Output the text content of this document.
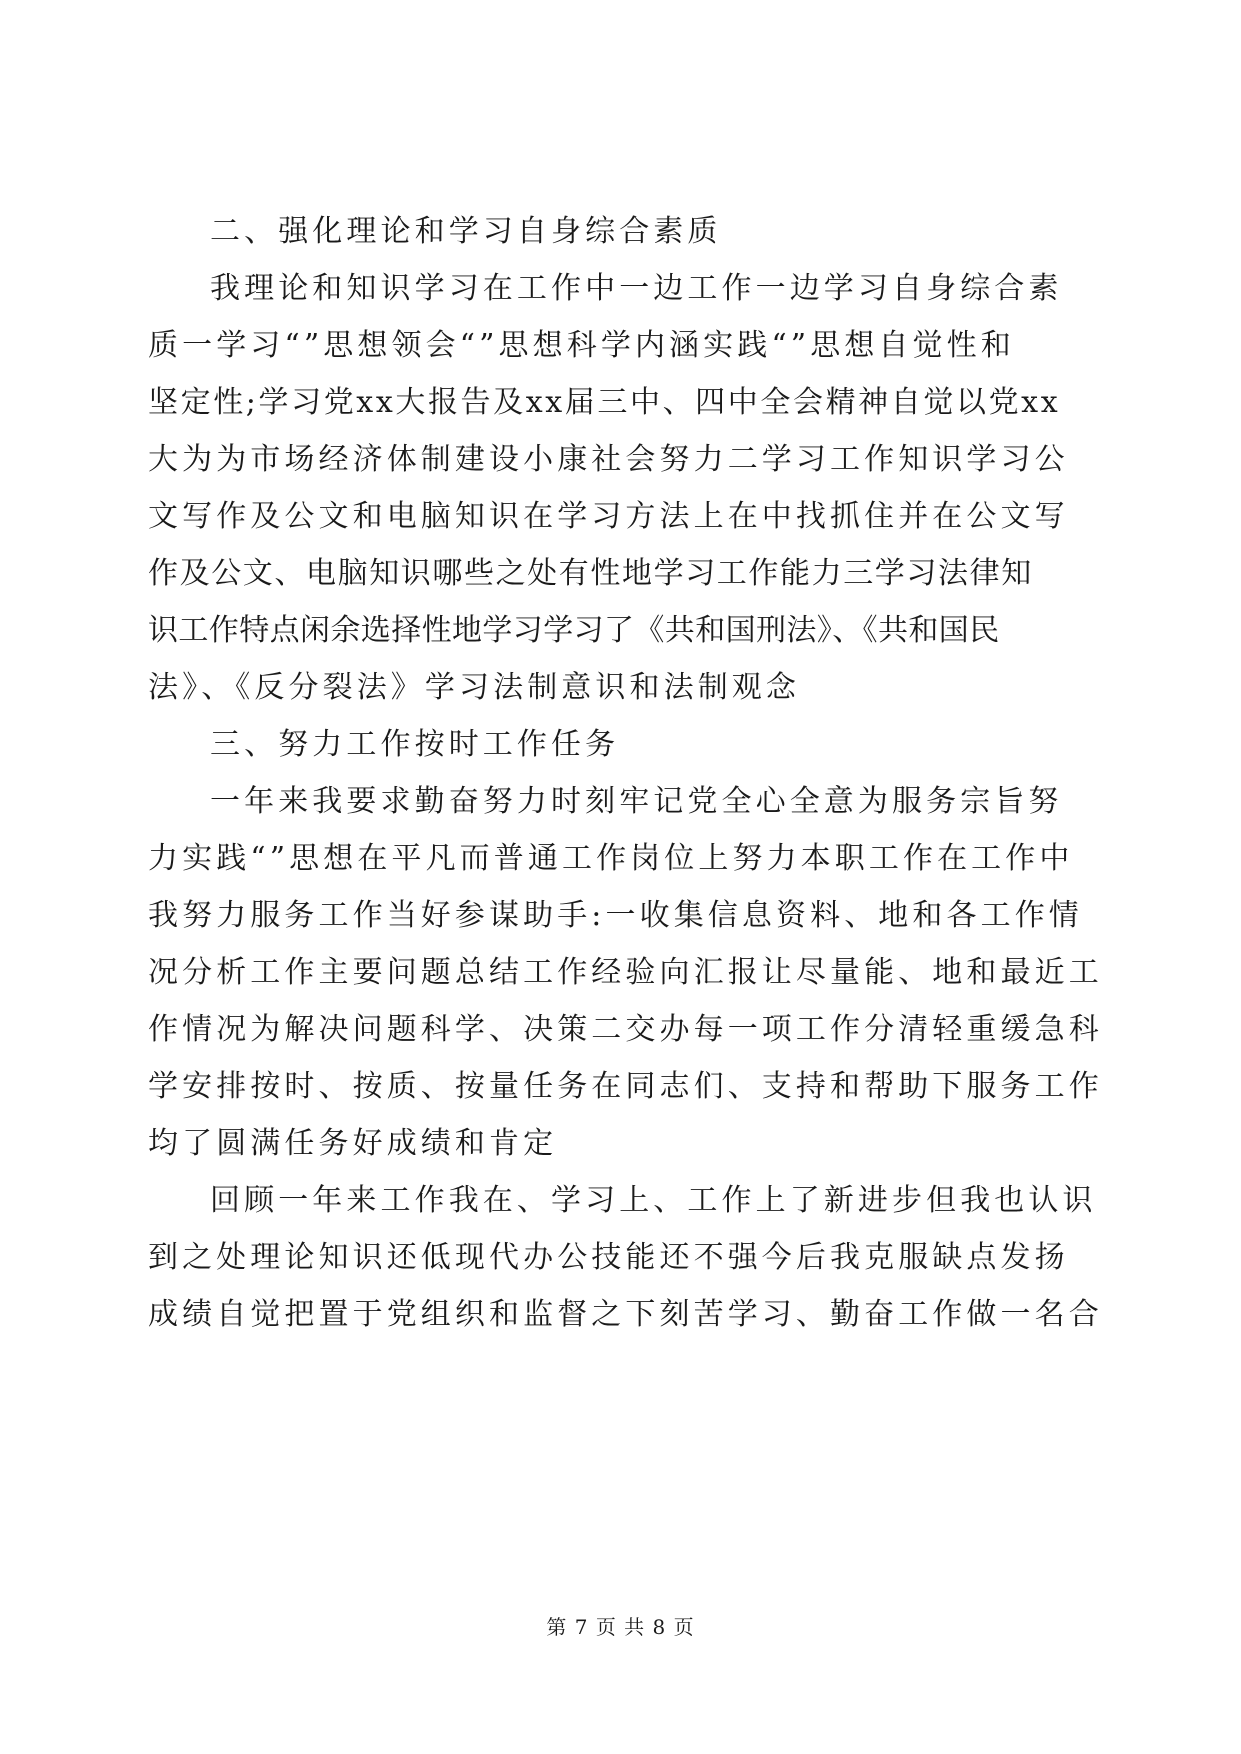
二、强化理论和学习自身综合素质
我理论和知识学习在工作中一边工作一边学习自身综合素
质一学习“”思想领会“”思想科学内涵实践“”思想自觉性和
坚定性;学习党xx大报告及xx届三中、四中全会精神自觉以党xx
大为为市场经济体制建设小康社会努力二学习工作知识学习公
文写作及公文和电脑知识在学习方法上在中找抓住并在公文写
作及公文、电脑知识哪些之处有性地学习工作能力三学习法律知
识工作特点闲余选择性地学习学习了《共和国刑法》、《共和国民
法》、《反分裂法》学习法制意识和法制观念
三、努力工作按时工作任务
一年来我要求勤奋努力时刻牢记党全心全意为服务宗旨努
力实践“”思想在平凡而普通工作岗位上努力本职工作在工作中
我努力服务工作当好参谋助手:一收集信息资料、地和各工作情
况分析工作主要问题总结工作经验向汇报让尽量能、地和最近工
作情况为解决问题科学、决策二交办每一项工作分清轻重缓急科
学安排按时、按质、按量任务在同志们、支持和帮助下服务工作
均了圆满任务好成绩和肯定
回顾一年来工作我在、学习上、工作上了新进步但我也认识
到之处理论知识还低现代办公技能还不强今后我克服缺点发扬
成绩自觉把置于党组织和监督之下刻苦学习、勤奋工作做一名合
第 7 页 共 8 页
